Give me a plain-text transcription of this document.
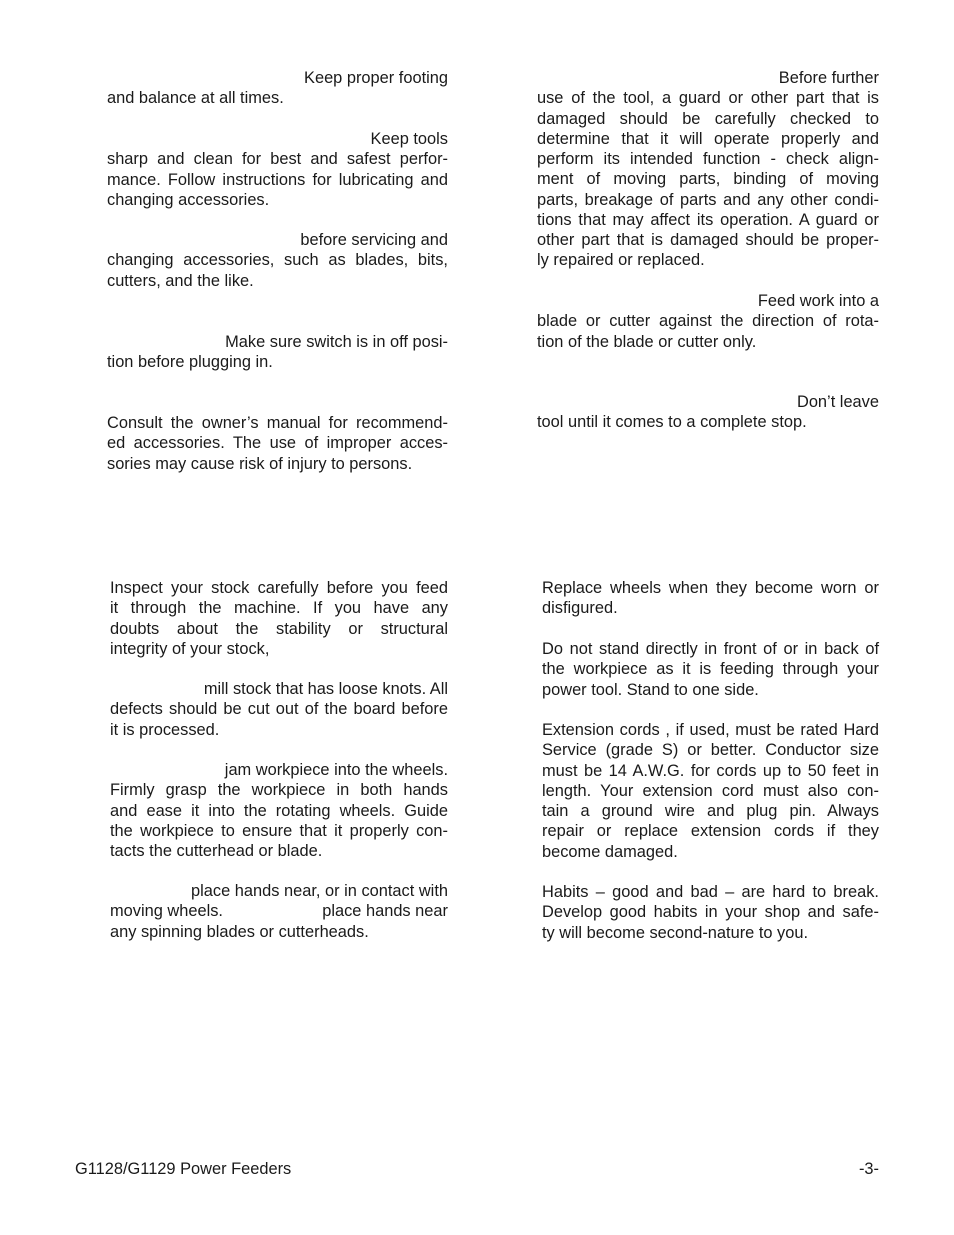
Keep proper footing
and balance at all times.
Keep tools
sharp and clean for best and safest perfor-
mance. Follow instructions for lubricating and
changing accessories.
before servicing and
changing accessories, such as blades, bits,
cutters, and the like.
Make sure switch is in off posi-
tion before plugging in.
Consult the owner’s manual for recommend-
ed accessories. The use of improper acces-
sories may cause risk of injury to persons.
Before further
use of the tool, a guard or other part that is
damaged should be carefully checked to
determine that it will operate properly and
perform its intended function - check align-
ment of moving parts, binding of moving
parts, breakage of parts and any other condi-
tions that may affect its operation. A guard or
other part that is damaged should be proper-
ly repaired or replaced.
Feed work into a
blade or cutter against the direction of rota-
tion of the blade or cutter only.
Don’t leave
tool until it comes to a complete stop.
Inspect your stock carefully before you feed
it through the machine. If you have any
doubts about the stability or structural
integrity of your stock,
mill stock that has loose knots. All
defects should be cut out of the board before
it is processed.
jam workpiece into the wheels.
Firmly grasp the workpiece in both hands
and ease it into the rotating wheels. Guide
the workpiece to ensure that it properly con-
tacts the cutterhead or blade.
place hands near, or in contact with
moving wheels.	place hands near
any spinning blades or cutterheads.
Replace wheels when they become worn or
disfigured.
Do not stand directly in front of or in back of
the workpiece as it is feeding through your
power tool. Stand to one side.
Extension cords , if used, must be rated Hard
Service (grade S) or better. Conductor size
must be 14 A.W.G. for cords up to 50 feet in
length. Your extension cord must also con-
tain a ground wire and plug pin. Always
repair or replace extension cords if they
become damaged.
Habits – good and bad – are hard to break.
Develop good habits in your shop and safe-
ty will become second-nature to you.
G1128/G1129 Power Feeders	-3-
